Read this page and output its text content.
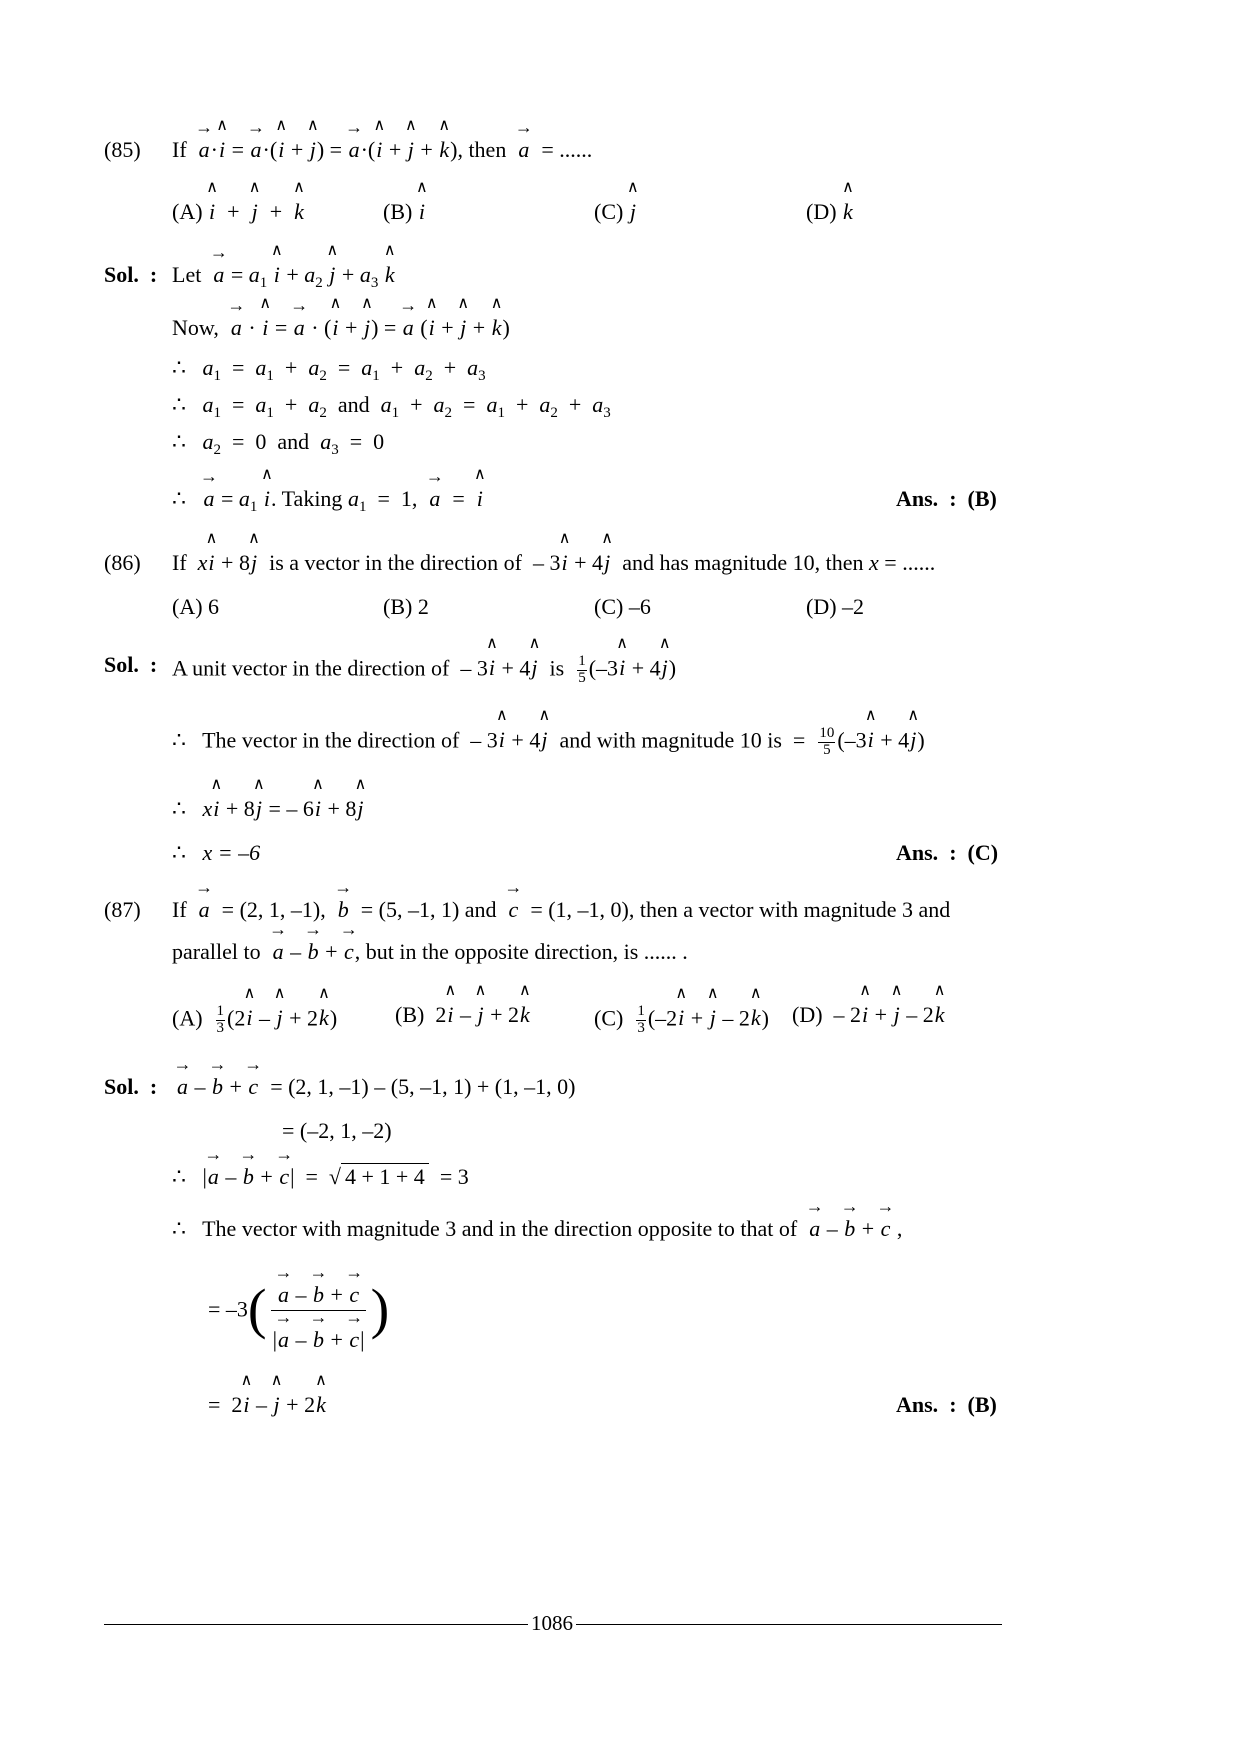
(85) If  → a·∧ i = → a·(∧ i + ∧ j) = → a·(∧ i + ∧ j + ∧ k), then  → a = ......
(A) ∧ i  +  ∧ j  +  ∧ k	(B) ∧ i	(C) ∧ j	(D) ∧ k
Sol. : Let  → $a = a_1$ ∧ $i + a_2$ ∧ $j + a_3$ ∧ k
Now,  → a · ∧ i = → a · (∧ i + ∧ j) = → a (∧ i + ∧ j + ∧ k)
∴ $a_1 = a_1 + a_2 = a_1 + a_2 + a_3$
∴ $a_1 = a_1 + a_2$ and $a_1 + a_2 = a_1 + a_2 + a_3$
∴ $a_2 = 0$  and $a_3 = 0$
∴   → $a = a_1$ ∧ i. Taking $a_1 = 1$,  → a  =  ∧ i	Ans. : (B)
(86) If x∧ i + 8∧ j is a vector in the direction of  – 3∧ i + 4∧ j and has magnitude 10, then x = ......
(A) 6	(B) 2	(C) –6	(D) –2
Sol. : A unit vector in the direction of  – 3∧ i + 4∧ j is $\frac{1}{5}$ (–3∧ i + 4∧ j)
∴ The vector in the direction of  – 3∧ i + 4∧ j and with magnitude 10 is  = $\frac{10}{5}$ (–3∧ i + 4∧ j)
∴ x∧ i + 8∧ j = – 6∧ i + 8∧ j
∴ x = –6	Ans. : (C)
(87) If  → a = (2, 1, –1),  → b = (5, –1, 1) and  → c = (1, –1, 0), then a vector with magnitude 3 and
parallel to  → a – → b + → c, but in the opposite direction, is ...... .
$(A) \frac{1}{3}$ (2∧ i – ∧ j + 2∧ k)	(B)  2∧ i – ∧ j + 2∧ k	$(C) \frac{1}{3}$ (–2∧ i + ∧ j – 2∧ k) (D)  – 2∧ i + ∧ j – 2∧ k
Sol. :
→ a – → b + → c = (2, 1, –1) – (5, –1, 1) + (1, –1, 0)
= (–2, 1, –2)
∴   |→ a – → b + → c|  =  √ 4 + 1 + 4 = 3
∴ The vector with magnitude 3 and in the direction opposite to that of  → a – → b + → c ,
= –3(
→ $\frac{a - \to b + \to c}{|\to a - \to b + \to c|}$ )
=  2∧ i – ∧ j + 2∧ k	Ans. : (B)
1086
